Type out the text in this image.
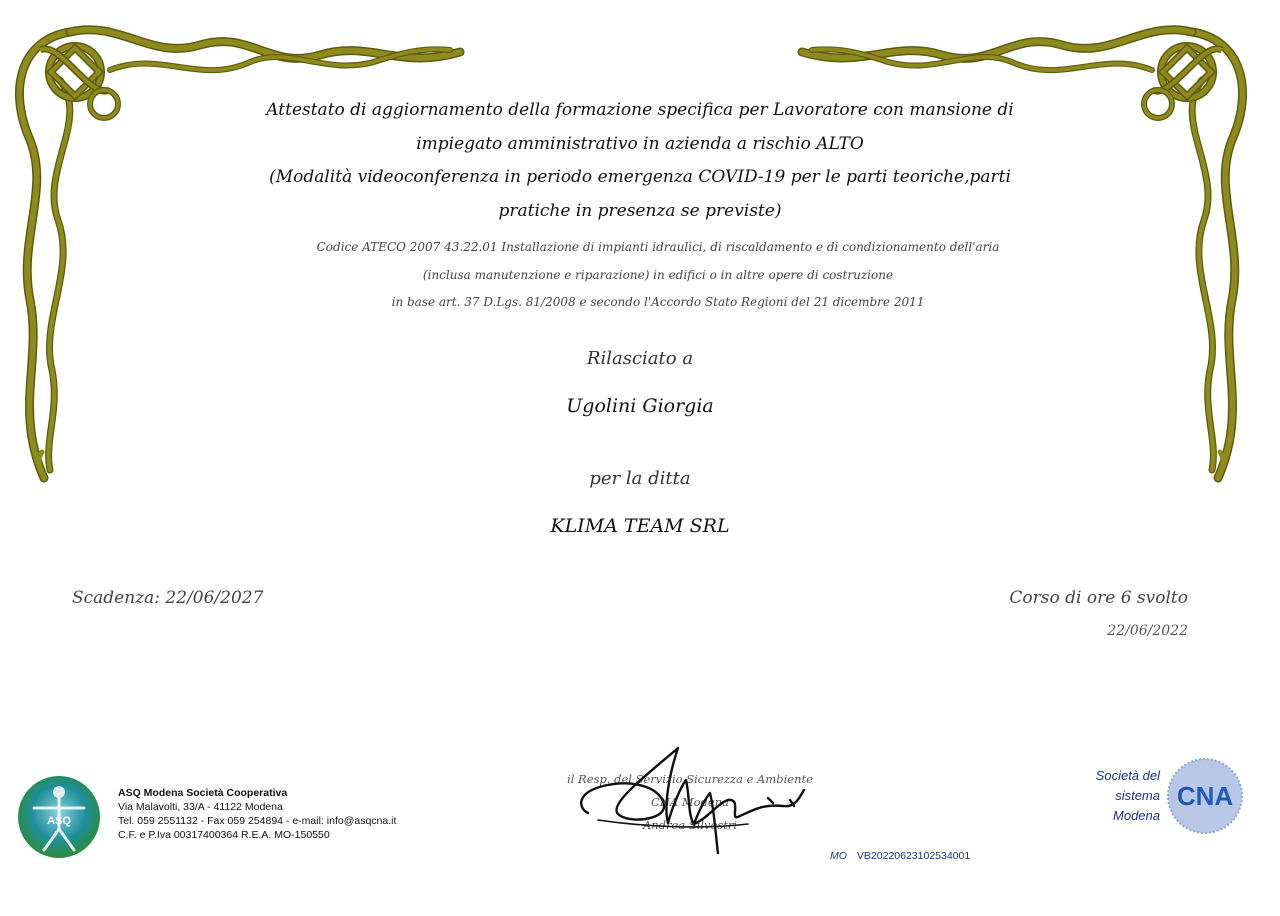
Attestato di aggiornamento della formazione specifica per Lavoratore con mansione di
impiegato amministrativo in azienda a rischio ALTO
(Modalità videoconferenza in periodo emergenza COVID-19 per le parti teoriche,parti
pratiche in presenza se previste)
Codice ATECO 2007 43.22.01 Installazione di impianti idraulici, di riscaldamento e di condizionamento dell'aria
(inclusa manutenzione e riparazione) in edifici o in altre opere di costruzione
in base art. 37 D.Lgs. 81/2008 e secondo l'Accordo Stato Regioni del 21 dicembre 2011
Rilasciato a
Ugolini Giorgia
per la ditta
KLIMA TEAM SRL
Scadenza: 22/06/2027	Corso di ore 6 svolto
22/06/2022
ASQ
ASQ Modena Società Cooperativa
Via Malavolti, 33/A - 41122 Modena
Tel. 059 2551132 - Fax 059 254894 - e-mail: info@asqcna.it
C.F. e P.Iva 00317400364 R.E.A. MO-150550
il Resp. del Servizio Sicurezza e Ambiente
CNA Modena
Andrea Silvestri
Società del
sistema
Modena
CNA
MO VB20220623102534001
